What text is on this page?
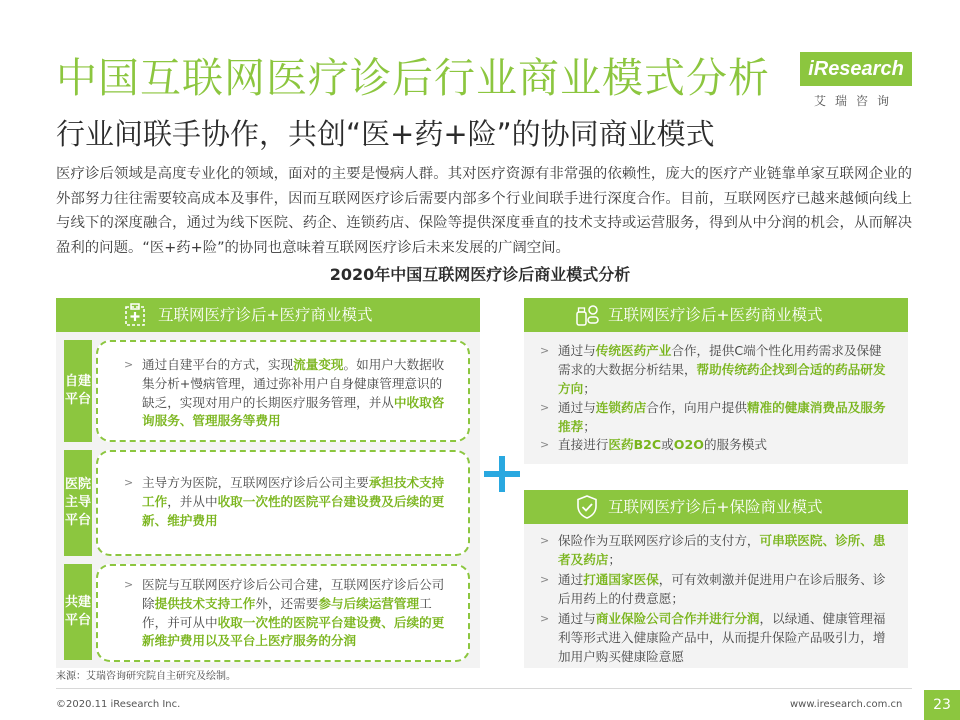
中国互联网医疗诊后行业商业模式分析
行业间联手协作，共创“医+药+险”的协同商业模式
iResearch
艾瑞咨询
医疗诊后领域是高度专业化的领域，面对的主要是慢病人群。其对医疗资源有非常强的依赖性，庞大的医疗产业链靠单家互联网企业的外部努力往往需要较高成本及事件，因而互联网医疗诊后需要内部多个行业间联手进行深度合作。目前，互联网医疗已越来越倾向线上与线下的深度融合，通过为线下医院、药企、连锁药店、保险等提供深度垂直的技术支持或运营服务，得到从中分润的机会，从而解决盈利的问题。“医+药+险”的协同也意味着互联网医疗诊后未来发展的广阔空间。
2020年中国互联网医疗诊后商业模式分析
互联网医疗诊后+医疗商业模式
自建平台
> 通过自建平台的方式，实现流量变现。如用户大数据收集分析+慢病管理，通过弥补用户自身健康管理意识的缺乏，实现对用户的长期医疗服务管理，并从中收取咨询服务、管理服务等费用
医院主导平台
> 主导方为医院，互联网医疗诊后公司主要承担技术支持工作，并从中收取一次性的医院平台建设费及后续的更新、维护费用
共建平台
> 医院与互联网医疗诊后公司合建，互联网医疗诊后公司除提供技术支持工作外，还需要参与后续运营管理工作，并可从中收取一次性的医院平台建设费、后续的更新维护费用以及平台上医疗服务的分润
互联网医疗诊后+医药商业模式
> 通过与传统医药产业合作，提供C端个性化用药需求及保健需求的大数据分析结果，帮助传统药企找到合适的药品研发方向；
> 通过与连锁药店合作，向用户提供精准的健康消费品及服务推荐；
> 直接进行医药B2C或O2O的服务模式
互联网医疗诊后+保险商业模式
> 保险作为互联网医疗诊后的支付方，可串联医院、诊所、患者及药店；
> 通过打通国家医保，可有效刺激并促进用户在诊后服务、诊后用药上的付费意愿；
> 通过与商业保险公司合作并进行分润，以绿通、健康管理福利等形式进入健康险产品中，从而提升保险产品吸引力，增加用户购买健康险意愿
来源：艾瑞咨询研究院自主研究及绘制。
©2020.11 iResearch Inc.	www.iresearch.com.cn	23
